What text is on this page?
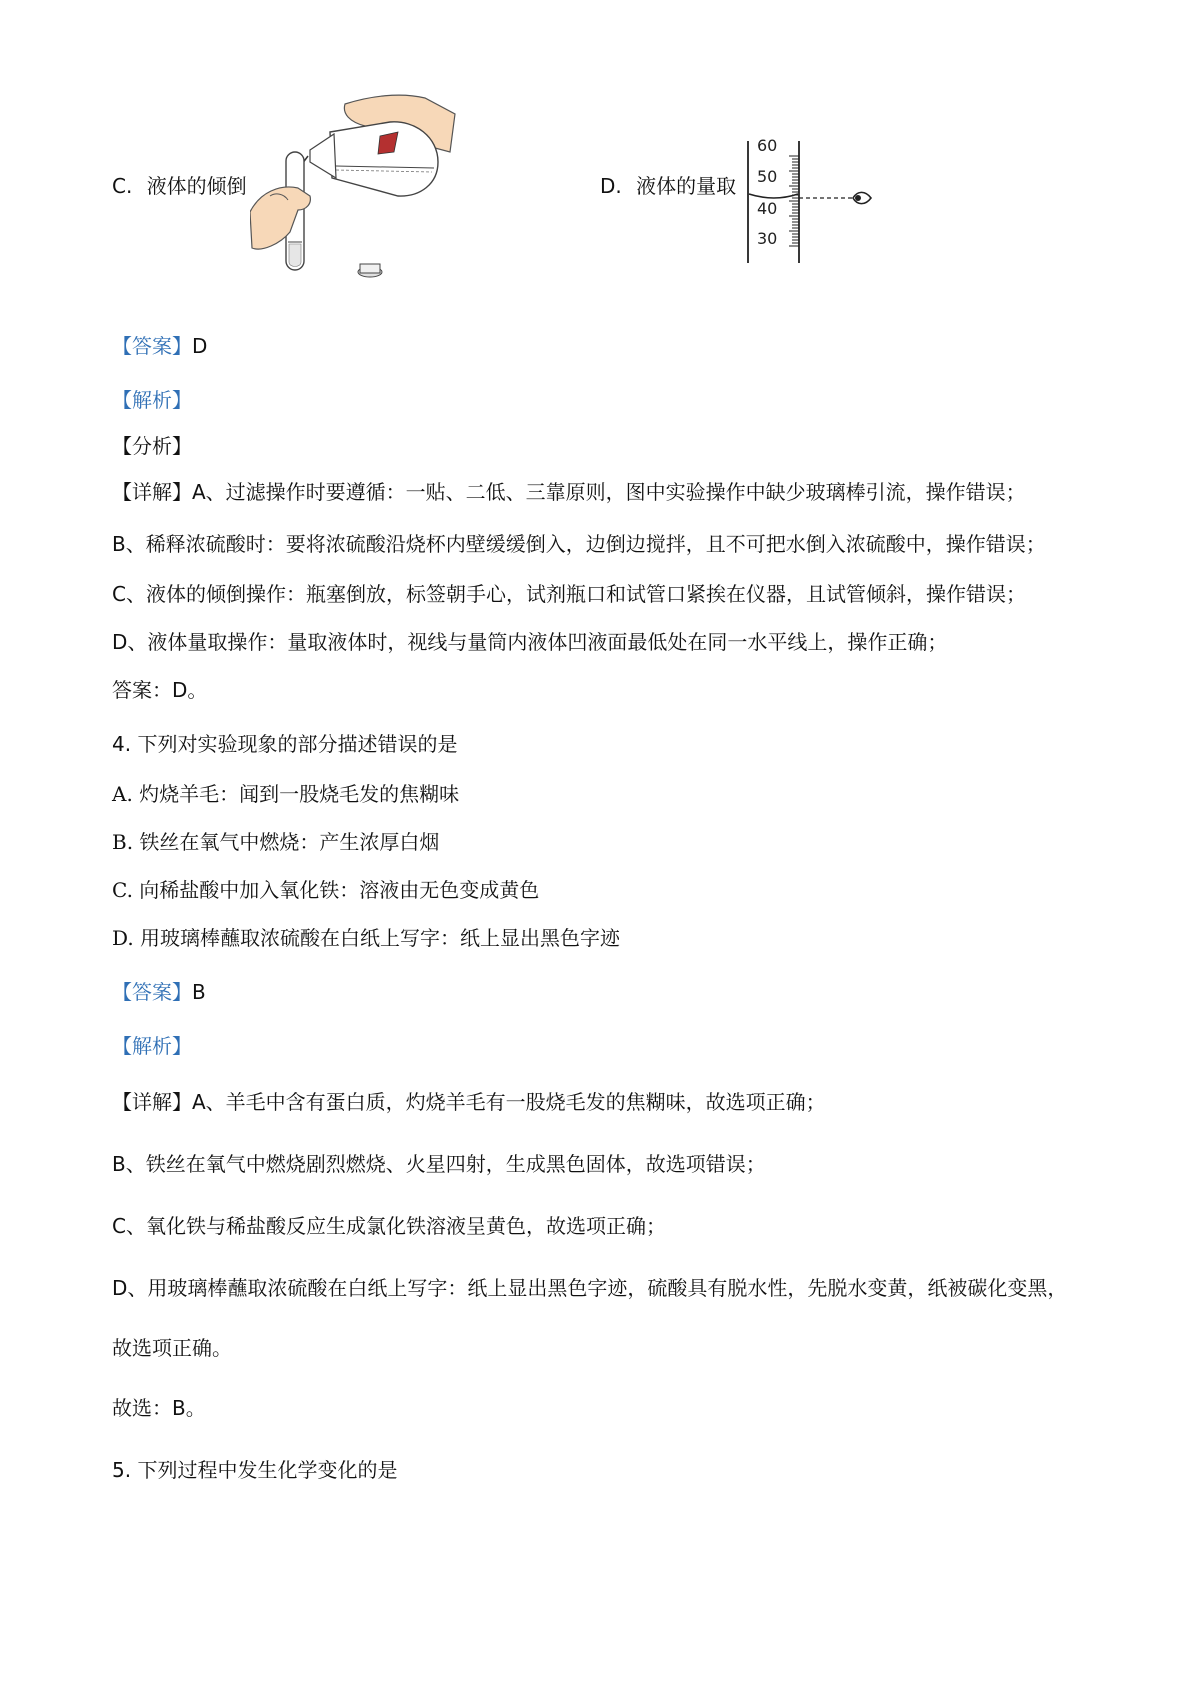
C. 液体的倾倒	D. 液体的量取
60
50
40
30
【答案】D
【解析】
【分析】
【详解】A、过滤操作时要遵循：一贴、二低、三靠原则，图中实验操作中缺少玻璃棒引流，操作错误；
B、稀释浓硫酸时：要将浓硫酸沿烧杯内壁缓缓倒入，边倒边搅拌，且不可把水倒入浓硫酸中，操作错误；
C、液体的倾倒操作：瓶塞倒放，标签朝手心，试剂瓶口和试管口紧挨在仪器，且试管倾斜，操作错误；
D、液体量取操作：量取液体时，视线与量筒内液体凹液面最低处在同一水平线上，操作正确；
答案：D。
4. 下列对实验现象的部分描述错误的是
A. 灼烧羊毛：闻到一股烧毛发的焦糊味
B. 铁丝在氧气中燃烧：产生浓厚白烟
C. 向稀盐酸中加入氧化铁：溶液由无色变成黄色
D. 用玻璃棒蘸取浓硫酸在白纸上写字：纸上显出黑色字迹
【答案】B
【解析】
【详解】A、羊毛中含有蛋白质，灼烧羊毛有一股烧毛发的焦糊味，故选项正确；
B、铁丝在氧气中燃烧剧烈燃烧、火星四射，生成黑色固体，故选项错误；
C、氧化铁与稀盐酸反应生成氯化铁溶液呈黄色，故选项正确；
D、用玻璃棒蘸取浓硫酸在白纸上写字：纸上显出黑色字迹，硫酸具有脱水性，先脱水变黄，纸被碳化变黑，
故选项正确。
故选：B。
5. 下列过程中发生化学变化的是
